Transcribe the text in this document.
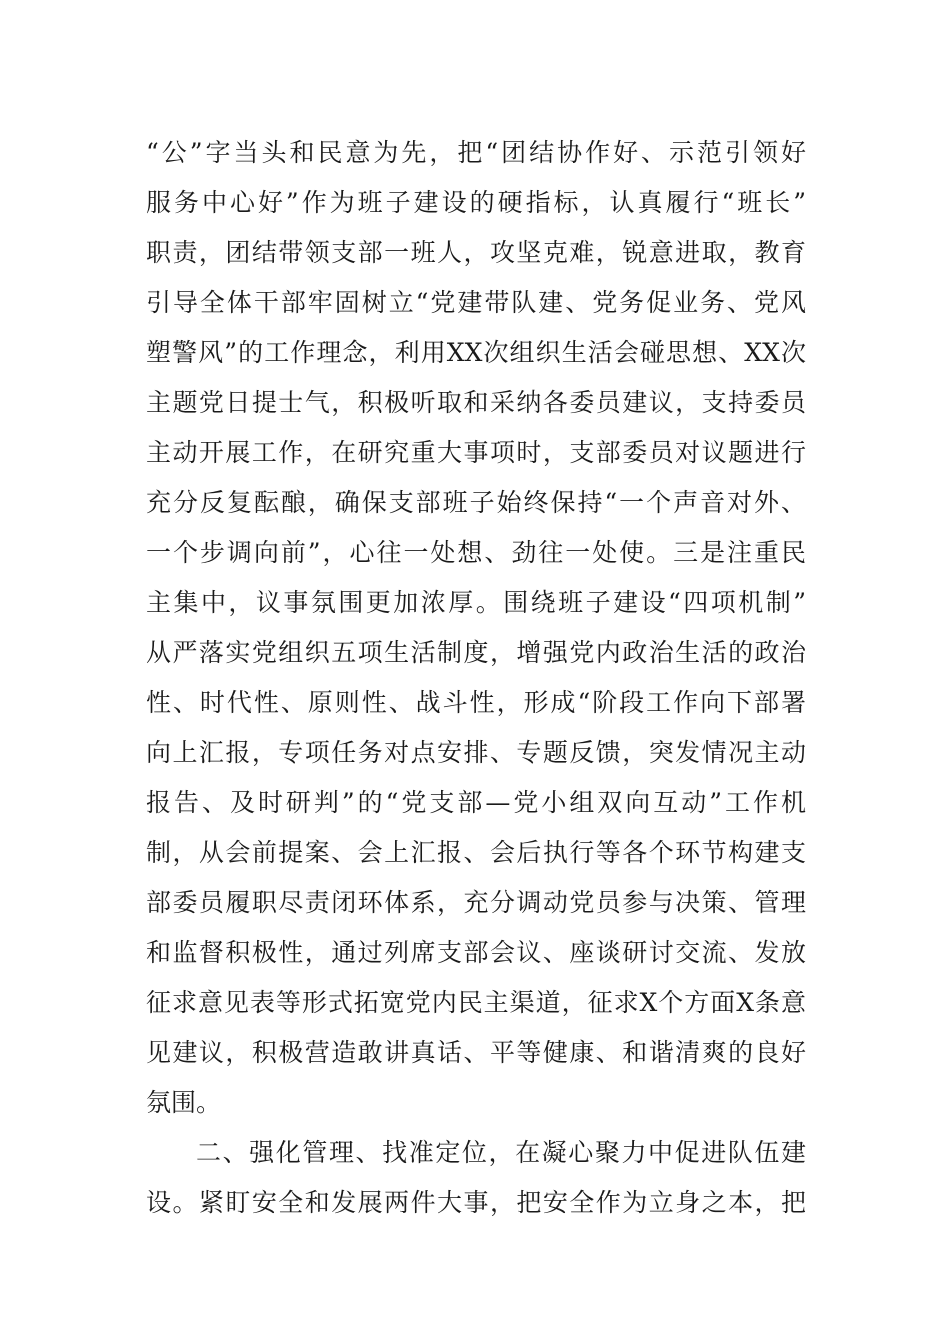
“公”字当头和民意为先，把“团结协作好、示范引领好
服务中心好”作为班子建设的硬指标，认真履行“班长”
职责，团结带领支部一班人，攻坚克难，锐意进取，教育
引导全体干部牢固树立“党建带队建、党务促业务、党风
塑警风”的工作理念，利用XX次组织生活会碰思想、XX次
主题党日提士气，积极听取和采纳各委员建议，支持委员
主动开展工作，在研究重大事项时，支部委员对议题进行
充分反复酝酿，确保支部班子始终保持“一个声音对外、
一个步调向前”，心往一处想、劲往一处使。三是注重民
主集中，议事氛围更加浓厚。围绕班子建设“四项机制”
从严落实党组织五项生活制度，增强党内政治生活的政治
性、时代性、原则性、战斗性，形成“阶段工作向下部署
向上汇报，专项任务对点安排、专题反馈，突发情况主动
报告、及时研判”的“党支部—党小组双向互动”工作机
制，从会前提案、会上汇报、会后执行等各个环节构建支
部委员履职尽责闭环体系，充分调动党员参与决策、管理
和监督积极性，通过列席支部会议、座谈研讨交流、发放
征求意见表等形式拓宽党内民主渠道，征求X个方面X条意
见建议，积极营造敢讲真话、平等健康、和谐清爽的良好
氛围。
二、强化管理、找准定位，在凝心聚力中促进队伍建
设。紧盯安全和发展两件大事，把安全作为立身之本，把
